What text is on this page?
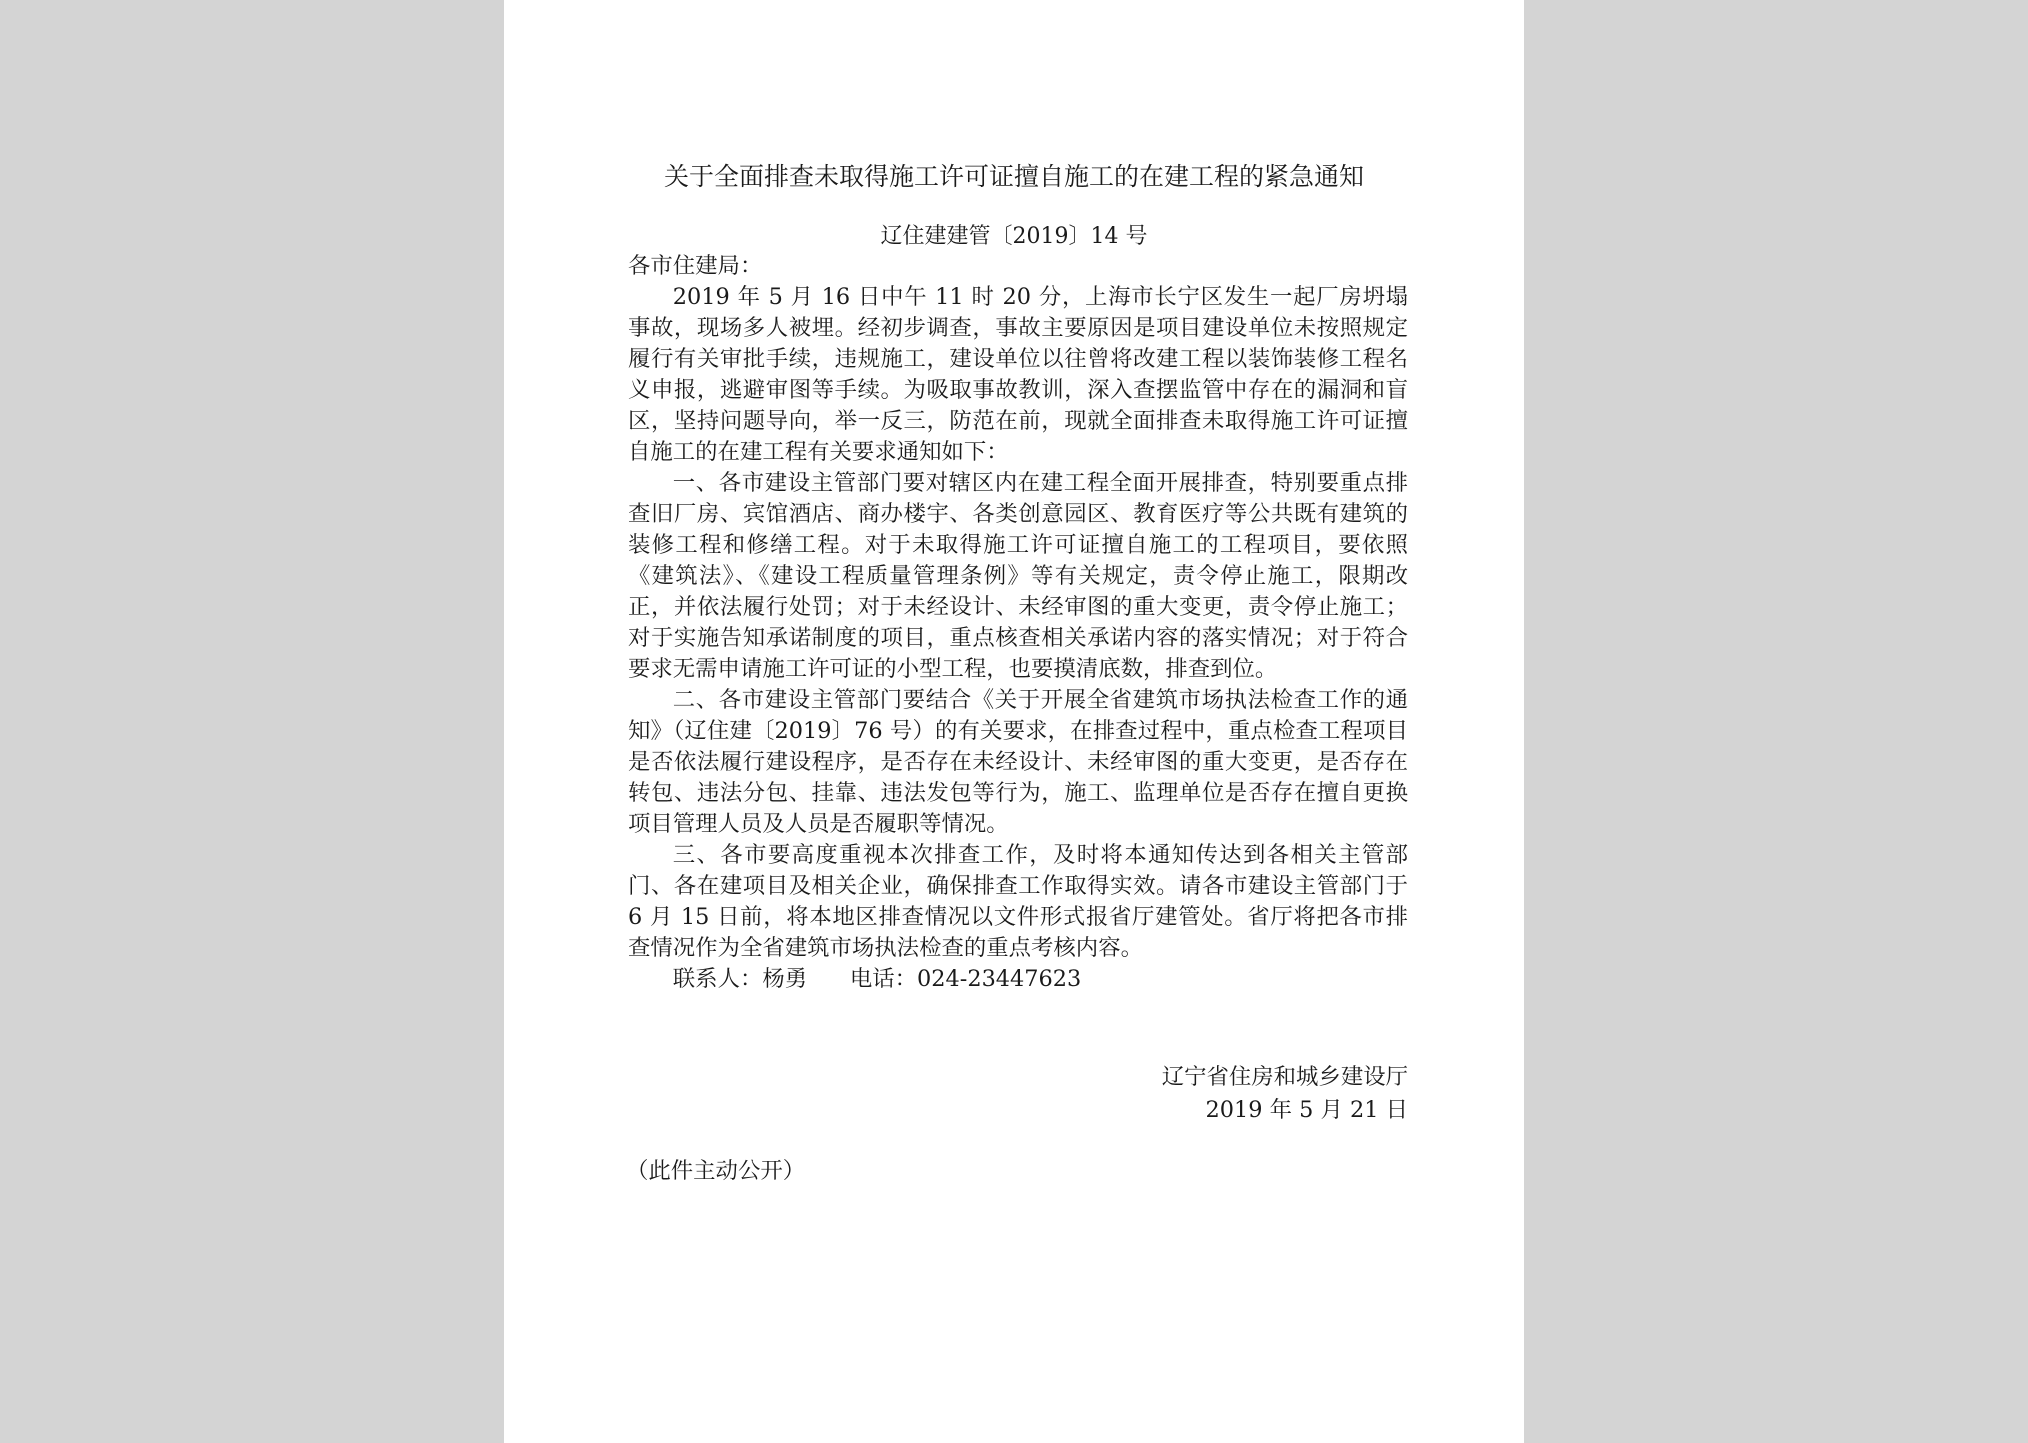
关于全面排查未取得施工许可证擅自施工的在建工程的紧急通知
辽住建建管〔2019〕14 号

各市住建局：

2019 年 5 月 16 日中午 11 时 20 分，上海市长宁区发生一起厂房坍塌事故，现场多人被埋。经初步调查，事故主要原因是项目建设单位未按照规定履行有关审批手续，违规施工，建设单位以往曾将改建工程以装饰装修工程名义申报，逃避审图等手续。为吸取事故教训，深入查摆监管中存在的漏洞和盲区，坚持问题导向，举一反三，防范在前，现就全面排查未取得施工许可证擅自施工的在建工程有关要求通知如下：

一、各市建设主管部门要对辖区内在建工程全面开展排查，特别要重点排查旧厂房、宾馆酒店、商办楼宇、各类创意园区、教育医疗等公共既有建筑的装修工程和修缮工程。对于未取得施工许可证擅自施工的工程项目，要依照《建筑法》、《建设工程质量管理条例》等有关规定，责令停止施工，限期改正，并依法履行处罚；对于未经设计、未经审图的重大变更，责令停止施工；对于实施告知承诺制度的项目，重点核查相关承诺内容的落实情况；对于符合要求无需申请施工许可证的小型工程，也要摸清底数，排查到位。

二、各市建设主管部门要结合《关于开展全省建筑市场执法检查工作的通知》（辽住建〔2019〕76 号）的有关要求，在排查过程中，重点检查工程项目是否依法履行建设程序，是否存在未经设计、未经审图的重大变更，是否存在转包、违法分包、挂靠、违法发包等行为，施工、监理单位是否存在擅自更换项目管理人员及人员是否履职等情况。

三、各市要高度重视本次排查工作，及时将本通知传达到各相关主管部门、各在建项目及相关企业，确保排查工作取得实效。请各市建设主管部门于 6 月 15 日前，将本地区排查情况以文件形式报省厅建管处。省厅将把各市排查情况作为全省建筑市场执法检查的重点考核内容。

联系人：杨勇      电话：024-23447623

辽宁省住房和城乡建设厅
2019 年 5 月 21 日
（此件主动公开）
